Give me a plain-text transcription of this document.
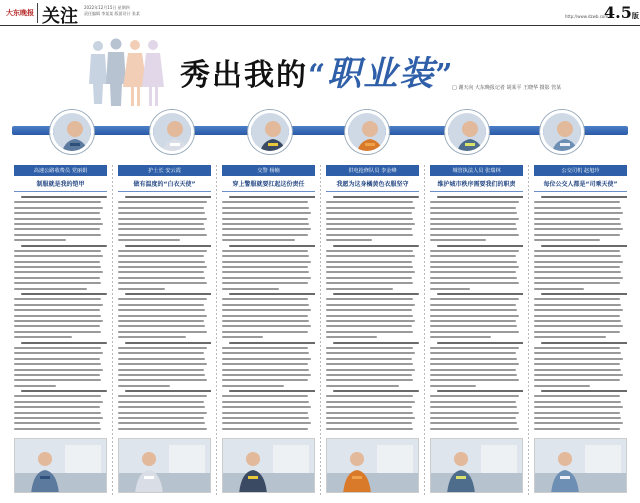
大东晚报 关注 2022年12月15日 星期四
责任编辑 李某某 版面设计 张某
http://www.dzwb.com
4.5版
秀出我的“职业装”
□ 谢天向 大东晚报记者 胡某平 王晓华 摄影 管某
高速公路收费员 党丽娟
制服就是我的铠甲
护士长 安云霞
做有温度的“白衣天使”
交警 杨楠
穿上警服就要扛起这份责任
供电抢修队员 李金峰
我愿为这身橘黄色衣服坚守
城管执法人员 张瑞林
维护城市秩序需要我们的职责
公交司机 赵旭玲
每位公交人都是“司乘天使”
